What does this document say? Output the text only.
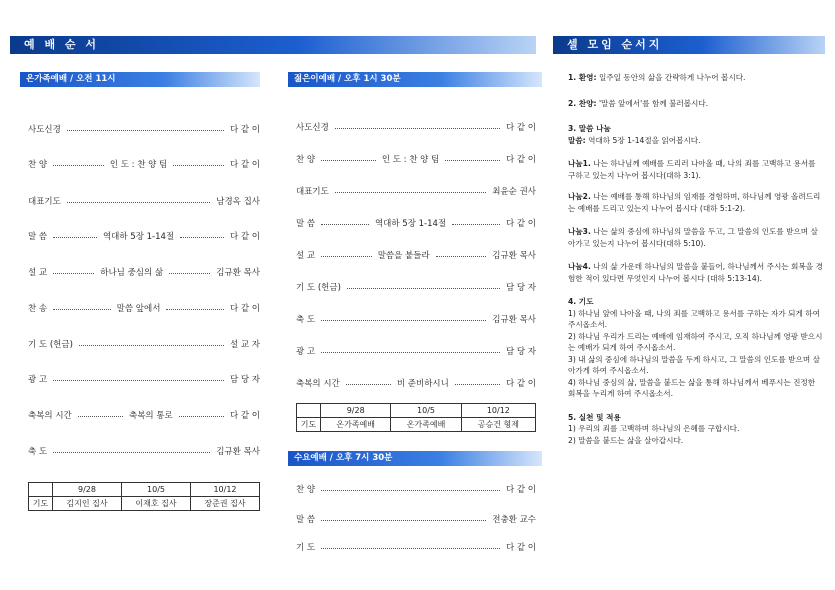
예 배 순 서	셀 모임 순서지
온가족예배 / 오전 11시
사도신경	다 같 이
찬 양	인 도 : 찬 양 팀	다 같 이
대표기도	남경옥 집사
말 씀	역대하 5장 1-14절	다 같 이
설 교	하나님 중심의 삶	김규환 목사
찬 송	말씀 앞에서	다 같 이
기 도 (헌금)	설 교 자
광 고	담 당 자
축복의 시간	축복의 통로	다 같 이
축 도	김규환 목사
	9/28	10/5	10/12
기도	김지인 집사	이재호 집사	장준권 집사
젊은이예배 / 오후 1시 30분
사도신경	다 같 이
찬 양	인 도 : 찬 양 팀	다 같 이
대표기도	최윤순 권사
말 씀	역대하 5장 1-14절	다 같 이
설 교	말씀을 붙들라	김규환 목사
기 도 (헌금)	담 당 자
축 도	김규환 목사
광 고	담 당 자
축복의 시간	비 준비하시니	다 같 이
	9/28	10/5	10/12
기도	온가족예배	온가족예배	공승건 형제
수요예배 / 오후 7시 30분
찬 양	다 같 이
말 씀	전충환 교수
기 도	다 같 이

1. 환영: 일주일 동안의 삶을 간략하게 나누어 봅시다.

2. 찬양: '말씀 앞에서'를 함께 불러봅시다.

3. 말씀 나눔

말씀: 역대하 5장 1-14절을 읽어봅시다.

나눔1. 나는 하나님께 예배를 드리러 나아올 때, 나의 죄를 고백하고 용서를 구하고 있는지 나누어 봅시다(대하 3:1).

나눔2. 나는 예배를 통해 하나님의 임재를 경험하며, 하나님께 영광 올려드리는 예배를 드리고 있는지 나누어 봅시다 (대하 5:1-2).

나눔3. 나는 삶의 중심에 하나님의 말씀을 두고, 그 말씀의 인도를 받으며 살아가고 있는지 나누어 봅시다(대하 5:10).

나눔4. 나의 삶 가운데 하나님의 말씀을 붙들어, 하나님께서 주시는 회복을 경험한 적이 있다면 무엇인지 나누어 봅시다 (대하 5:13-14).

4. 기도

1) 하나님 앞에 나아올 때, 나의 죄를 고백하고 용서를 구하는 자가 되게 하여 주시옵소서.

2) 하나님 우리가 드리는 예배에 임재하여 주시고, 오직 하나님께 영광 받으시는 예배가 되게 하여 주시옵소서.

3) 내 삶의 중심에 하나님의 말씀을 두게 하시고, 그 말씀의 인도를 받으며 살아가게 하여 주시옵소서.

4) 하나님 중심의 삶, 말씀을 붙드는 삶을 통해 하나님께서 베푸시는 진정한 회복을 누리게 하여 주시옵소서.

5. 실천 및 적용

1) 우리의 죄를 고백하며 하나님의 은혜를 구합시다.

2) 말씀을 붙드는 삶을 살아갑시다.
